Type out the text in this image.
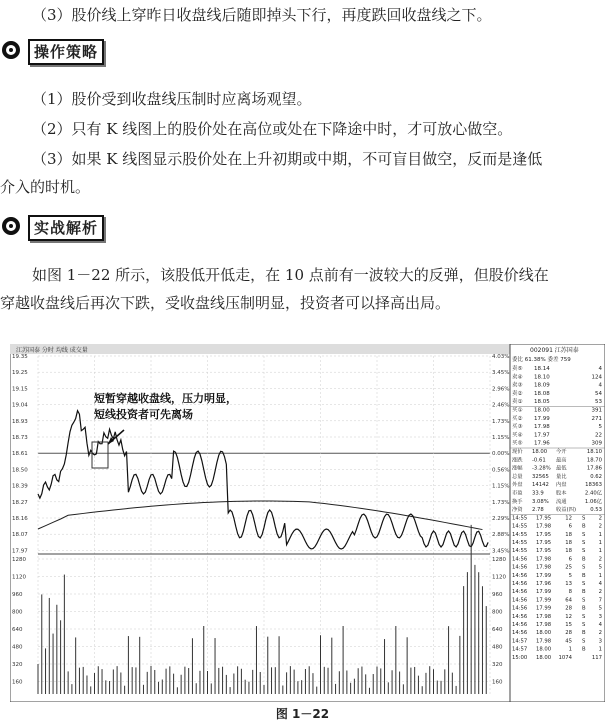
（3）股价线上穿昨日收盘线后随即掉头下行，再度跌回收盘线之下。
操作策略
（1）股价受到收盘线压制时应离场观望。
（2）只有 K 线图上的股价处在高位或处在下降途中时，才可放心做空。
（3）如果 K 线图显示股价处在上升初期或中期，不可盲目做空，反而是逢低
介入的时机。
实战解析
如图 1－22 所示，该股低开低走，在 10 点前有一波较大的反弹，但股价线在
穿越收盘线后再次下跌，受收盘线压制明显，投资者可以择高出局。
江苏国泰 分时 均线 成交量
19.35	4.03%
19.25	3.45%
19.15	2.96%
19.04	2.46%
18.93	1.73%
18.73	1.15%
18.61	0.00%
18.50	0.56%
18.39	1.15%
18.27	1.73%
18.16	2.29%
18.07	2.88%
17.97	3.45%
1280	1280
1120	1120
960	960
800	800
640	640
480	480
320	320
160	160
短暂穿越收盘线，压力明显，
短线投资者可先离场
002091 江苏国泰
委比 61.38% 委差 759
卖⑤ 18.14	4
卖④ 18.10	124
卖③ 18.09	4
卖② 18.08	54
卖① 18.05	53
买① 18.00	391
买② 17.99	271
买③ 17.98	5
买④ 17.97	22
买⑤ 17.96	309
现价 18.00 今开	18.10
涨跌 -0.61 最高	18.70
涨幅 -3.28% 最低	17.86
总量 32565 量比	0.62
外盘 14142 内盘	18363
市盈 33.9 股本	2.40亿
换手 3.08% 流通	1.06亿
净资 2.78 收益(四)	0.53
14:55 17.95	12 S	2
14:55 17.98	6 B 2
14:55 17.95	18 S	1
14:55 17.95	18 S	1
14:55 17.95	18 S	1
14:56 17.98	6 B 2
14:56 17.98	25 S	5
14:56 17.99	5 B 1
14:56 17.96	13 S	4
14:56 17.99	8 B 2
14:56 17.99	64 S	7
14:56 17.99	28 B 5
14:56 17.98	12 S	3
14:56 17.98	15 S	4
14:56 18.00	28 B 2
14:57 17.98	45 S	3
14:57 18.00	1 B 1
15:00 18.00 1074	117
图 1－22
